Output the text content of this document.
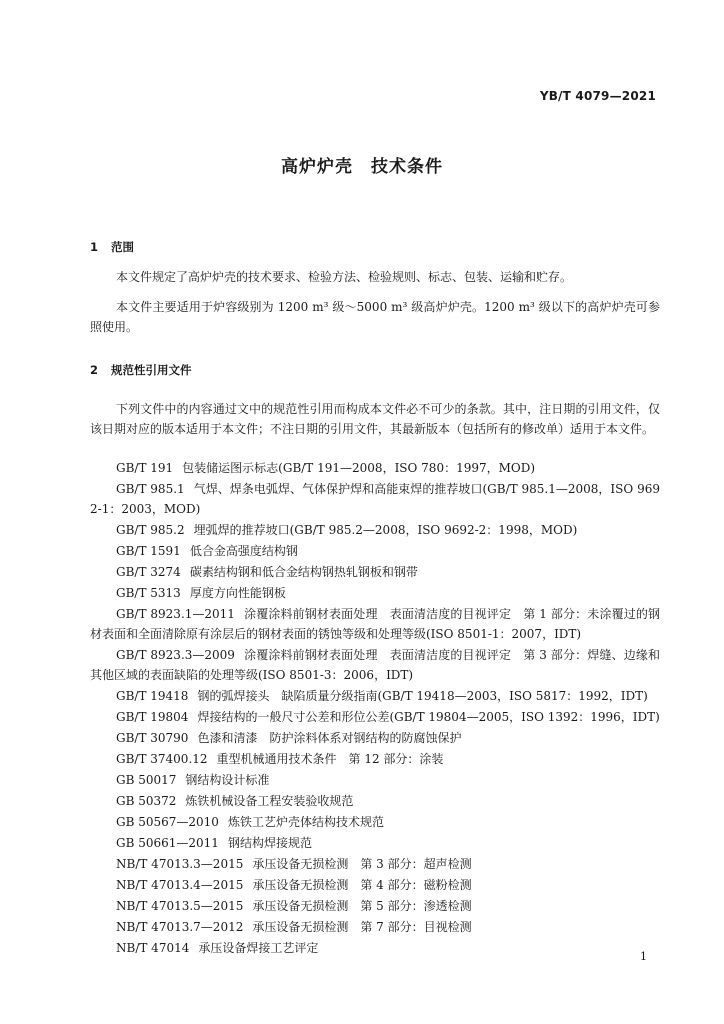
YB/T 4079—2021
高炉炉壳　技术条件
1 范围
本文件规定了高炉炉壳的技术要求、检验方法、检验规则、标志、包装、运输和贮存。
本文件主要适用于炉容级别为 1200 m³ 级～5000 m³ 级高炉炉壳。1200 m³ 级以下的高炉炉壳可参照使用。
2 规范性引用文件
下列文件中的内容通过文中的规范性引用而构成本文件必不可少的条款。其中，注日期的引用文件，仅该日期对应的版本适用于本文件；不注日期的引用文件，其最新版本（包括所有的修改单）适用于本文件。
GB/T 191 包装储运图示标志(GB/T 191—2008，ISO 780：1997，MOD)
GB/T 985.1 气焊、焊条电弧焊、气体保护焊和高能束焊的推荐坡口(GB/T 985.1—2008，ISO 9692-1：2003，MOD)
GB/T 985.2 埋弧焊的推荐坡口(GB/T 985.2—2008，ISO 9692-2：1998，MOD)
GB/T 1591 低合金高强度结构钢
GB/T 3274 碳素结构钢和低合金结构钢热轧钢板和钢带
GB/T 5313 厚度方向性能钢板
GB/T 8923.1—2011 涂覆涂料前钢材表面处理　表面清洁度的目视评定　第 1 部分：未涂覆过的钢材表面和全面清除原有涂层后的钢材表面的锈蚀等级和处理等级(ISO 8501-1：2007，IDT)
GB/T 8923.3—2009 涂覆涂料前钢材表面处理　表面清洁度的目视评定　第 3 部分：焊缝、边缘和其他区域的表面缺陷的处理等级(ISO 8501-3：2006，IDT)
GB/T 19418 钢的弧焊接头　缺陷质量分级指南(GB/T 19418—2003，ISO 5817：1992，IDT)
GB/T 19804 焊接结构的一般尺寸公差和形位公差(GB/T 19804—2005，ISO 1392：1996，IDT)
GB/T 30790 色漆和清漆　防护涂料体系对钢结构的防腐蚀保护
GB/T 37400.12 重型机械通用技术条件　第 12 部分：涂装
GB 50017 钢结构设计标准
GB 50372 炼铁机械设备工程安装验收规范
GB 50567—2010 炼铁工艺炉壳体结构技术规范
GB 50661—2011 钢结构焊接规范
NB/T 47013.3—2015 承压设备无损检测　第 3 部分：超声检测
NB/T 47013.4—2015 承压设备无损检测　第 4 部分：磁粉检测
NB/T 47013.5—2015 承压设备无损检测　第 5 部分：渗透检测
NB/T 47013.7—2012 承压设备无损检测　第 7 部分：目视检测
NB/T 47014 承压设备焊接工艺评定
1
